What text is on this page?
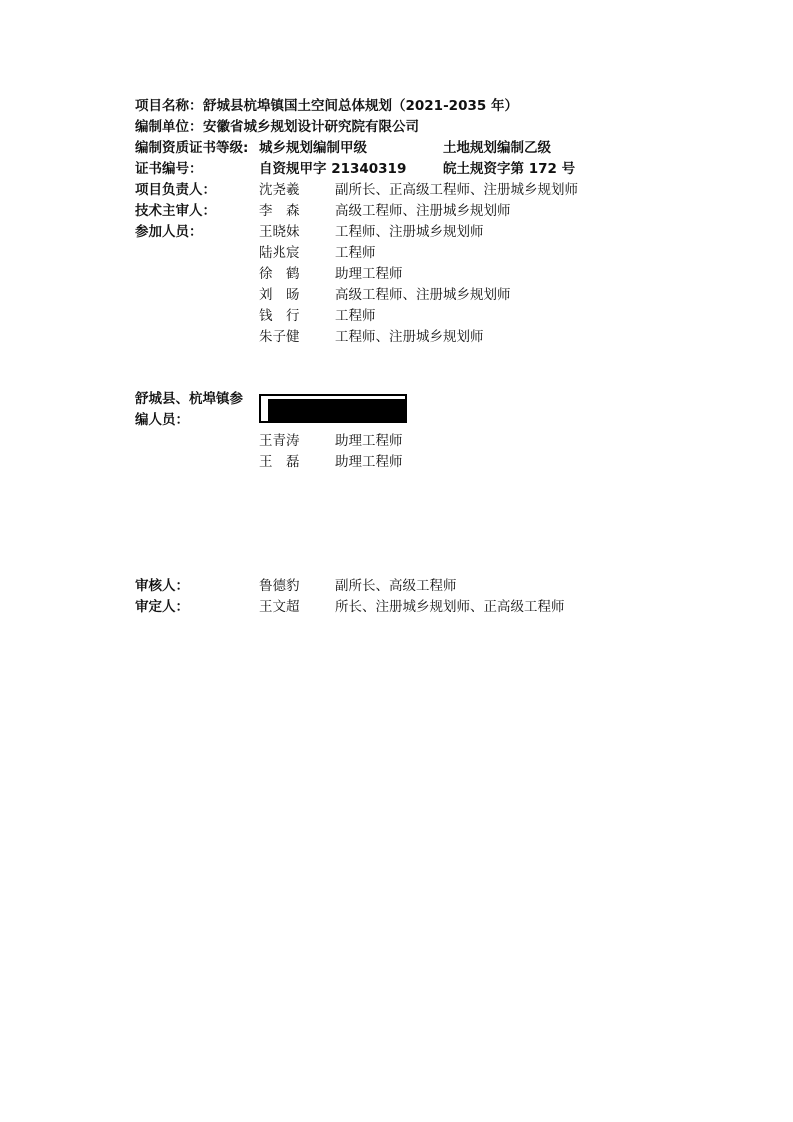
项目名称： 舒城县杭埠镇国土空间总体规划（2021-2035 年）
编制单位： 安徽省城乡规划设计研究院有限公司
编制资质证书等级: 城乡规划编制甲级	土地规划编制乙级
证书编号：	自资规甲字 21340319	皖土规资字第 172 号
项目负责人：	沈尧羲	副所长、正高级工程师、注册城乡规划师
技术主审人：	李　森	高级工程师、注册城乡规划师
参加人员：	王晓妹	工程师、注册城乡规划师
陆兆宸	工程师
徐　鹤	助理工程师
刘　旸	高级工程师、注册城乡规划师
钱　行	工程师
朱子健	工程师、注册城乡规划师
舒城县、杭埠镇参
编人员：
王青涛	助理工程师
王　磊	助理工程师
审核人：	鲁德豹	副所长、高级工程师
审定人：	王文超	所长、注册城乡规划师、正高级工程师
